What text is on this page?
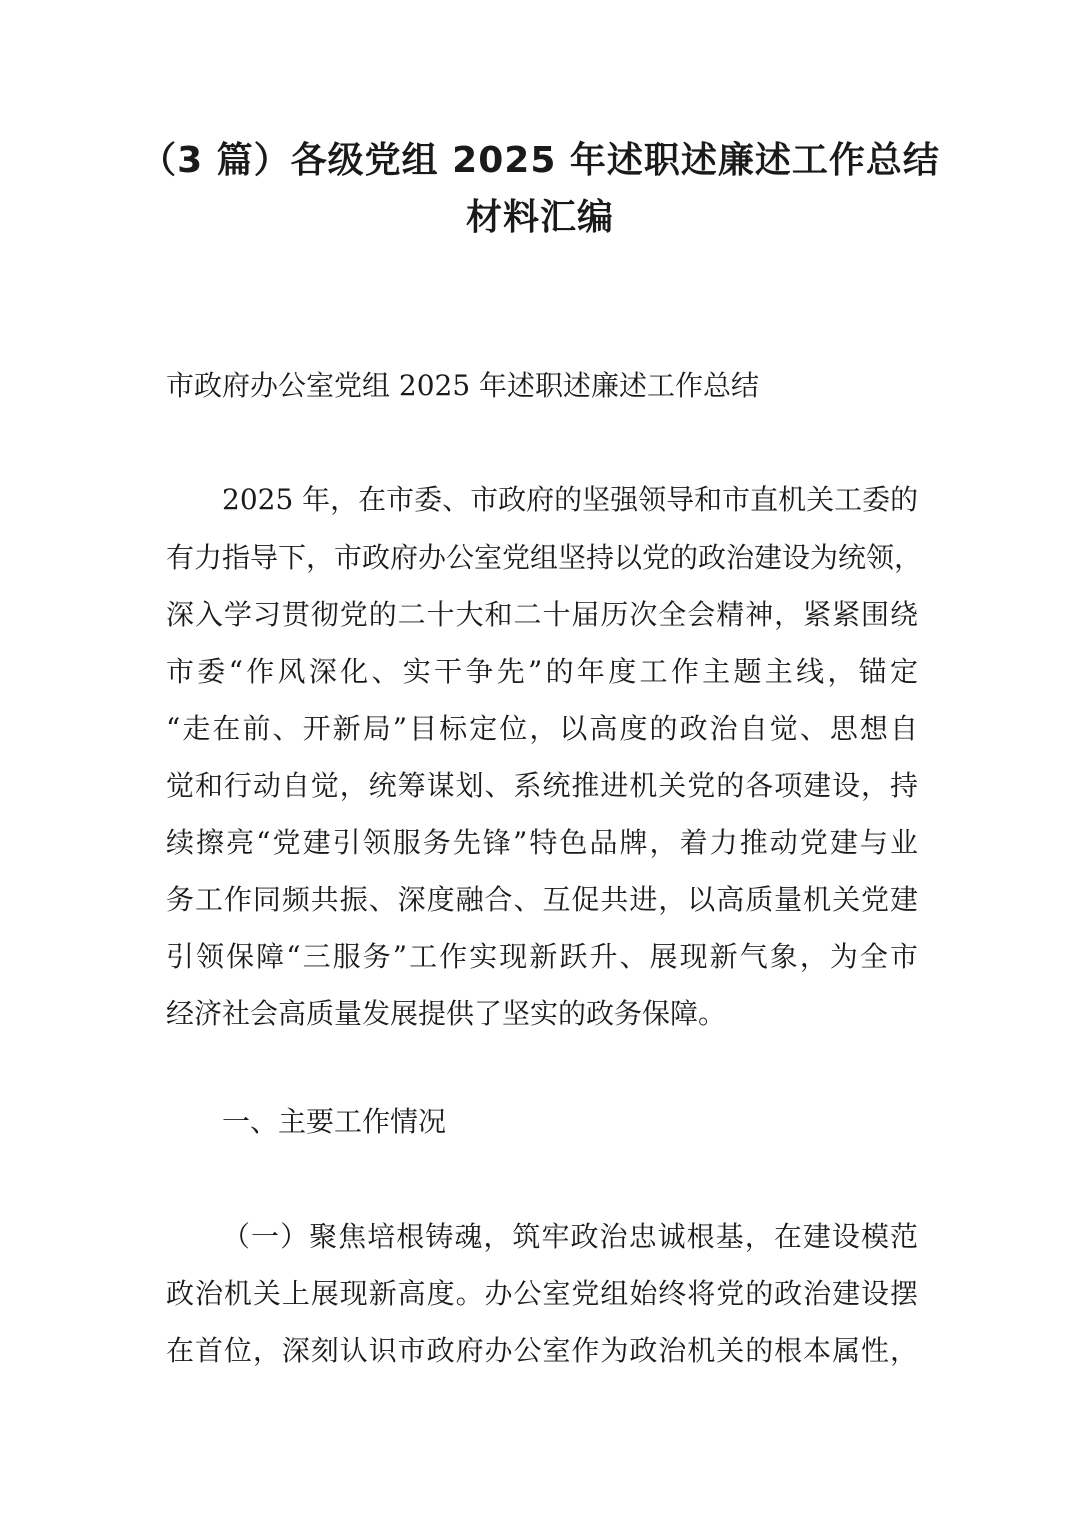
（3 篇）各级党组 2025 年述职述廉述工作总结
材料汇编
市政府办公室党组 2025 年述职述廉述工作总结
2025 年，在市委、市政府的坚强领导和市直机关工委的
有力指导下，市政府办公室党组坚持以党的政治建设为统领，
深入学习贯彻党的二十大和二十届历次全会精神，紧紧围绕
市委“作风深化、实干争先”的年度工作主题主线，锚定
“走在前、开新局”目标定位，以高度的政治自觉、思想自
觉和行动自觉，统筹谋划、系统推进机关党的各项建设，持
续擦亮“党建引领服务先锋”特色品牌，着力推动党建与业
务工作同频共振、深度融合、互促共进，以高质量机关党建
引领保障“三服务”工作实现新跃升、展现新气象，为全市
经济社会高质量发展提供了坚实的政务保障。
一、主要工作情况
（一）聚焦培根铸魂，筑牢政治忠诚根基，在建设模范
政治机关上展现新高度。办公室党组始终将党的政治建设摆
在首位，深刻认识市政府办公室作为政治机关的根本属性，
